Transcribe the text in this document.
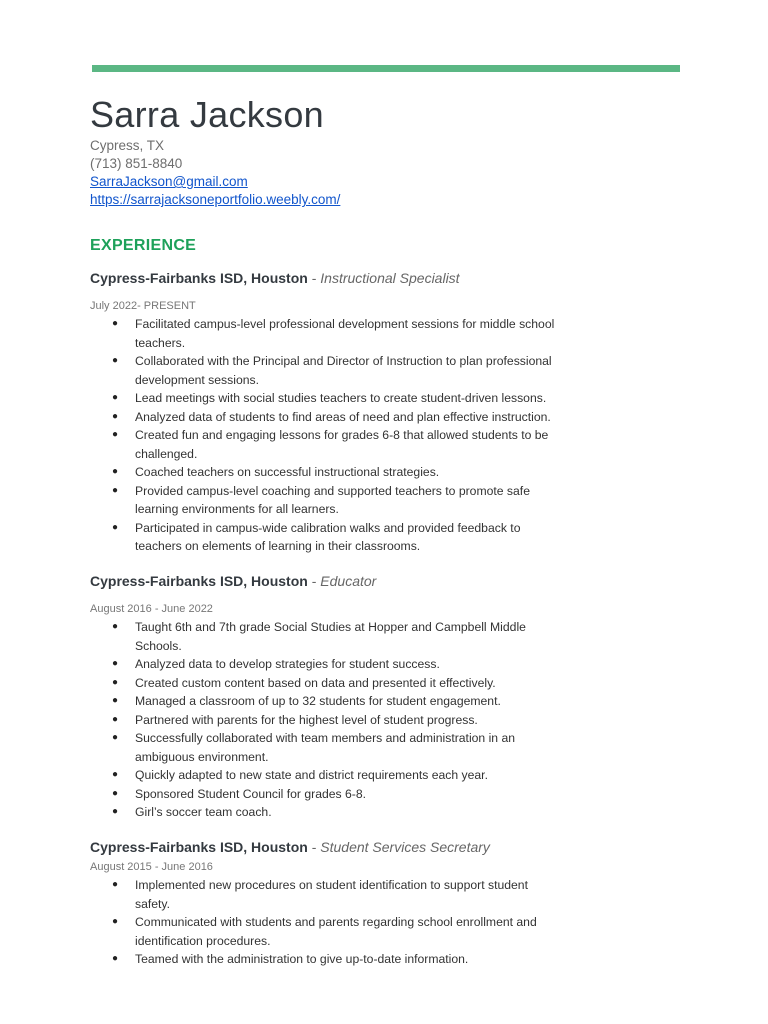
Sarra Jackson
Cypress, TX
(713) 851-8840
SarraJackson@gmail.com
https://sarrajacksoneportfolio.weebly.com/
EXPERIENCE

Cypress-Fairbanks ISD, Houston - Instructional Specialist

July 2022- PRESENT
● Facilitated campus-level professional development sessions for middle school teachers.
● Collaborated with the Principal and Director of Instruction to plan professional development sessions.
● Lead meetings with social studies teachers to create student-driven lessons.
● Analyzed data of students to find areas of need and plan effective instruction.
● Created fun and engaging lessons for grades 6-8 that allowed students to be challenged.
● Coached teachers on successful instructional strategies.
● Provided campus-level coaching and supported teachers to promote safe learning environments for all learners.
● Participated in campus-wide calibration walks and provided feedback to teachers on elements of learning in their classrooms.

Cypress-Fairbanks ISD, Houston - Educator

August 2016 - June 2022
● Taught 6th and 7th grade Social Studies at Hopper and Campbell Middle Schools.
● Analyzed data to develop strategies for student success.
● Created custom content based on data and presented it effectively.
● Managed a classroom of up to 32 students for student engagement.
● Partnered with parents for the highest level of student progress.
● Successfully collaborated with team members and administration in an ambiguous environment.
● Quickly adapted to new state and district requirements each year.
● Sponsored Student Council for grades 6-8.
● Girl’s soccer team coach.

Cypress-Fairbanks ISD, Houston - Student Services Secretary

August 2015 - June 2016
● Implemented new procedures on student identification to support student safety.
● Communicated with students and parents regarding school enrollment and identification procedures.
● Teamed with the administration to give up-to-date information.
